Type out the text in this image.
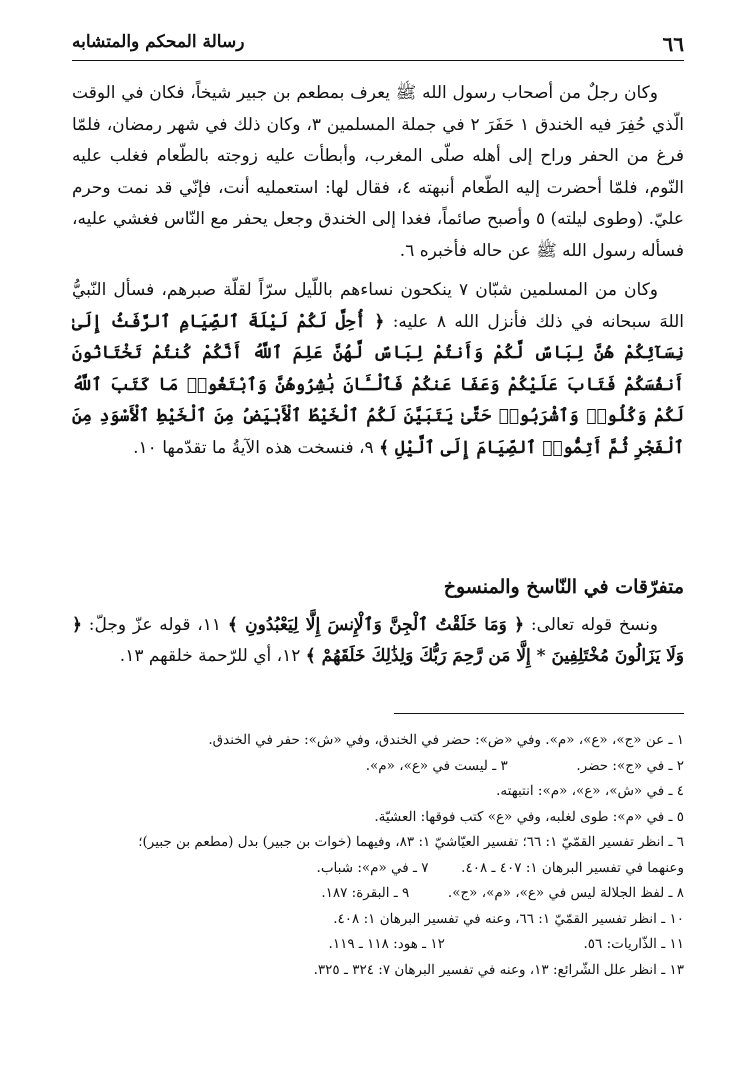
٦٦
رسالة المحكم والمتشابه

وكان رجلٌ من أصحاب رسول الله ﷺ يعرف بمطعم بن جبير شيخاً، فكان في الوقت الّذي حُفِرَ فيه الخندق ١ حَفَرَ ٢ في جملة المسلمين ٣، وكان ذلك في شهر رمضان، فلمّا فرغ من الحفر وراح إلى أهله صلّى المغرب، وأبطأت عليه زوجته بالطّعام فغلب عليه النّوم، فلمّا أحضرت إليه الطّعام أنبهته ٤، فقال لها: استعمليه أنت، فإنّي قد نمت وحرم عليّ. (وطوى ليلته) ٥ وأصبح صائماً، فغدا إلى الخندق وجعل يحفر مع النّاس فغشي عليه، فسأله رسول الله ﷺ عن حاله فأخبره ٦.

وكان من المسلمين شبّان ٧ ينكحون نساءهم باللّيل سرّاً لقلّة صبرهم، فسأل النّبيُّ اللهَ سبحانه في ذلك فأنزل الله ٨ عليه: ﴿ أُحِلَّ لَكُمْ لَيْلَةَ ٱلصِّيَامِ ٱلرَّفَثُ إِلَىٰ نِسَآئِكُمْ هُنَّ لِبَاسٌ لَّكُمْ وَأَنتُمْ لِبَاسٌ لَّهُنَّ عَلِمَ ٱللَّهُ أَنَّكُمْ كُنتُمْ تَخْتَانُونَ أَنفُسَكُمْ فَتَابَ عَلَيْكُمْ وَعَفَا عَنكُمْ فَٱلْـَٔانَ بَٰشِرُوهُنَّ وَٱبْتَغُوا۟ مَا كَتَبَ ٱللَّهُ لَكُمْ وَكُلُوا۟ وَٱشْرَبُوا۟ حَتَّىٰ يَتَبَيَّنَ لَكُمُ ٱلْخَيْطُ ٱلْأَبْيَضُ مِنَ ٱلْخَيْطِ ٱلْأَسْوَدِ مِنَ ٱلْفَجْرِ ثُمَّ أَتِمُّوا۟ ٱلصِّيَامَ إِلَى ٱلَّيْلِ ﴾ ٩، فنسخت هذه الآيةُ ما تقدّمها ١٠.

متفرّقات في النّاسخ والمنسوخ

ونسخ قوله تعالى: ﴿ وَمَا خَلَقْتُ ٱلْجِنَّ وَٱلْإِنسَ إِلَّا لِيَعْبُدُونِ ﴾ ١١، قوله عزّ وجلّ: ﴿ وَلَا يَزَالُونَ مُخْتَلِفِينَ * إِلَّا مَن رَّحِمَ رَبُّكَ وَلِذَٰلِكَ خَلَقَهُمْ ﴾ ١٢، أي للرّحمة خلقهم ١٣.

١ ـ عن «ج»، «ع»، «م». وفي «ض»: حضر في الخندق، وفي «ش»: حفر في الخندق.

٢ ـ في «ج»: حضر.  ٣ ـ ليست في «ع»، «م».

٤ ـ في «ش»، «ع»، «م»: انتبهته.

٥ ـ في «م»: طوى لغلبه، وفي «ع» كتب فوقها: العشيّة.

٦ ـ انظر تفسير القمّيّ ١: ٦٦؛ تفسير العيّاشيّ ١: ٨٣، وفيهما (خوات بن جبير) بدل (مطعم بن جبير)؛

وعنهما في تفسير البرهان ١: ٤٠٧ ـ ٤٠٨.  ٧ ـ في «م»: شباب.

٨ ـ لفظ الجلالة ليس في «ع»، «م»، «ج».  ٩ ـ البقرة: ١٨٧.

١٠ ـ انظر تفسير القمّيّ ١: ٦٦، وعنه في تفسير البرهان ١: ٤٠٨.

١١ ـ الذّاريات: ٥٦.  ١٢ ـ هود: ١١٨ ـ ١١٩.

١٣ ـ انظر علل الشّرائع: ١٣، وعنه في تفسير البرهان ٧: ٣٢٤ ـ ٣٢٥.
